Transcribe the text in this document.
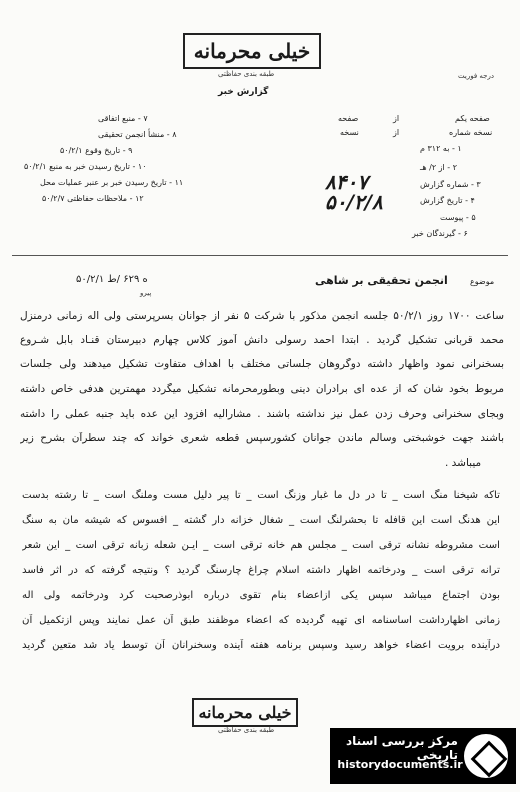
خیلی محرمانه
طبقه بندی حفاظتی
گزارش خبر
درجه فوریت
صفحه یکم
از
صفحه
نسخه شماره
از
نسخه
۱ - به ۳۱۲ م
۲ - از ۲/ هـ
۳ - شماره گزارش
۴ - تاریخ گزارش
۵ - پیوست
۶ - گیرندگان خبر
۸۴۰۷
۵۰/۲/۸
۷ - منبع اتفاقی
۸ - منشأ انجمن تحقیقی
۹ - تاریخ وقوع ۵۰/۲/۱
۱۰ - تاریخ رسیدن خبر به منبع ۵۰/۲/۱
۱۱ - تاریخ رسیدن خبر بر عنبر عملیات محل
۱۲ - ملاحظات حفاظتی ۵۰/۲/۷
موضوع
انجمن تحقیقی بر شاهی
ه ۶۲۹ /ط ۵۰/۲/۱
پیرو
ساعت ۱۷۰۰ روز ۵۰/۲/۱ جلسه انجمن مذکور با شرکت ۵ نفر از جوانان بسرپرستی ولی اله زمانی درمنزل
محمد قربانی تشکیل گردید . ابتدا احمد رسولی دانش آموز کلاس چهارم دبیرستان قنـاد بابل شـروع
بسخنرانی نمود واظهار داشته دوگروهان جلساتی مختلف با اهداف متفاوت تشکیل میدهند ولی جلسات
مربوط بخود شان که از عده ای برادران دینی وبطورمحرمانه تشکیل میگردد مهمترین هدفی خاص داشته
وبجای سخنرانی وحرف زدن عمل نیز نداشته باشند . مشارالیه افزود این عده باید جنبه عملی را داشته
باشند جهت خوشبختی وسالم ماندن جوانان کشورسپس قطعه شعری خواند که چند سطرآن بشرح زیر
میباشد .
تاکه شیخنا منگ است _ تا در دل ما غبار وزنگ است _ تا پیر دلیل مست وملنگ است _ تا رشته بدست
این هدنگ است این قافله تا بحشرلنگ است _ شغال خزانه دار گشته _ افسوس که شیشه مان به سنگ
است مشروطه نشانه ترقی است _ مجلس هم خانه ترقی است _ ایـن شعله زبانه ترقی است _ این شعر
ترانه ترقی است _ ودرخاتمه اظهار داشته اسلام چراغ چارسنگ گردید ؟ ونتیجه گرفته که در اثر فاسد
بودن اجتماع میباشد سپس یکی ازاعضاء بنام تقوی درباره ابوذرصحبت کرد ودرخاتمه ولی اله
زمانی اظهارداشت اساسنامه ای تهیه گردیده که اعضاء موظفند طبق آن عمل نمایند وپس ازتکمیل آن
درآینده برویت اعضاء خواهد رسید وسپس برنامه هفته آینده وسخنرانان آن توسط یاد شد متعین گردید
خیلی محرمانه
طبقه بندی حفاظتی
مرکز بررسی اسناد تاریخی
historydocuments.ir
